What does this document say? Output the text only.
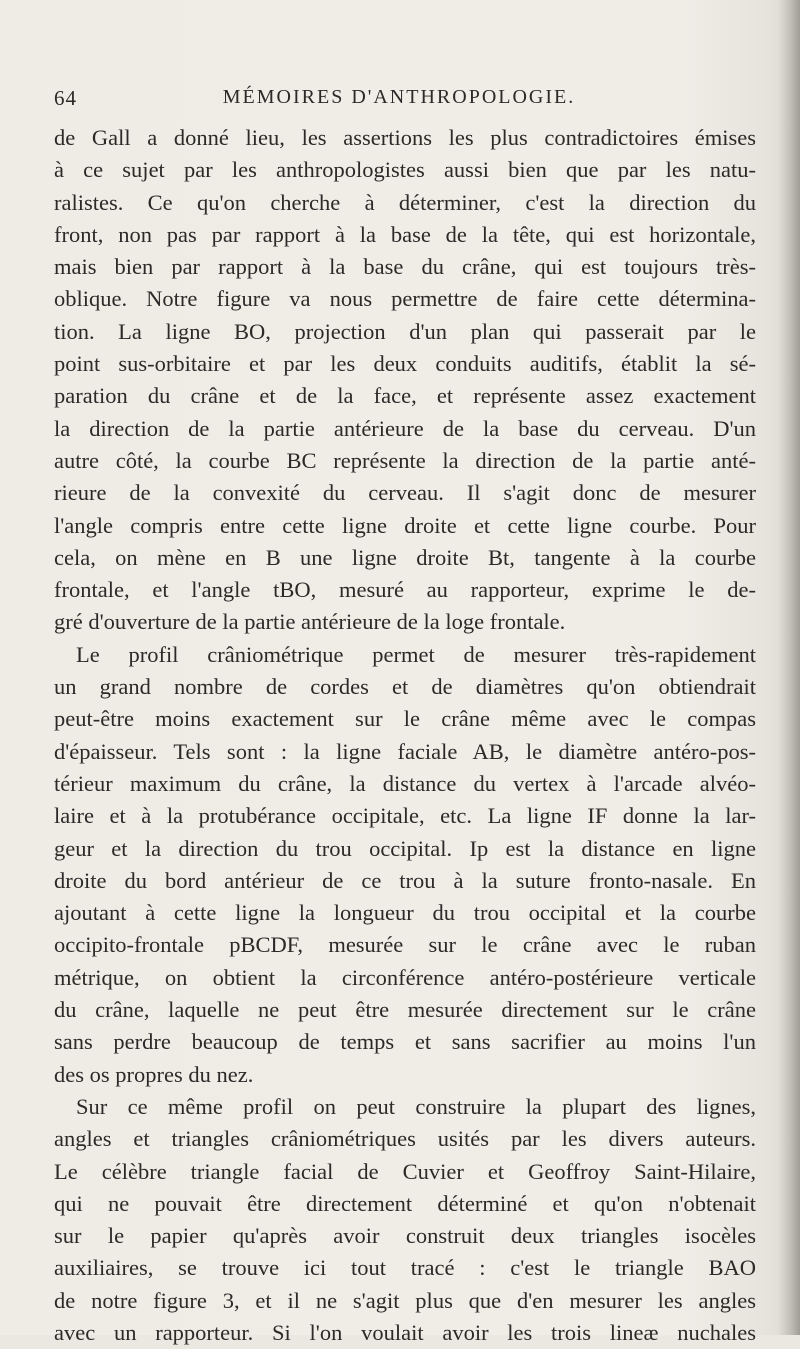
64	MÉMOIRES D'ANTHROPOLOGIE.
de Gall a donné lieu, les assertions les plus contradictoires émises
à ce sujet par les anthropologistes aussi bien que par les natu-
ralistes. Ce qu'on cherche à déterminer, c'est la direction du
front, non pas par rapport à la base de la tête, qui est horizontale,
mais bien par rapport à la base du crâne, qui est toujours très-
oblique. Notre figure va nous permettre de faire cette détermina-
tion. La ligne BO, projection d'un plan qui passerait par le
point sus-orbitaire et par les deux conduits auditifs, établit la sé-
paration du crâne et de la face, et représente assez exactement
la direction de la partie antérieure de la base du cerveau. D'un
autre côté, la courbe BC représente la direction de la partie anté-
rieure de la convexité du cerveau. Il s'agit donc de mesurer
l'angle compris entre cette ligne droite et cette ligne courbe. Pour
cela, on mène en B une ligne droite Bt, tangente à la courbe
frontale, et l'angle tBO, mesuré au rapporteur, exprime le de-
gré d'ouverture de la partie antérieure de la loge frontale.
Le profil crâniométrique permet de mesurer très-rapidement
un grand nombre de cordes et de diamètres qu'on obtiendrait
peut-être moins exactement sur le crâne même avec le compas
d'épaisseur. Tels sont : la ligne faciale AB, le diamètre antéro-pos-
térieur maximum du crâne, la distance du vertex à l'arcade alvéo-
laire et à la protubérance occipitale, etc. La ligne IF donne la lar-
geur et la direction du trou occipital. Ip est la distance en ligne
droite du bord antérieur de ce trou à la suture fronto-nasale. En
ajoutant à cette ligne la longueur du trou occipital et la courbe
occipito-frontale pBCDF, mesurée sur le crâne avec le ruban
métrique, on obtient la circonférence antéro-postérieure verticale
du crâne, laquelle ne peut être mesurée directement sur le crâne
sans perdre beaucoup de temps et sans sacrifier au moins l'un
des os propres du nez.
Sur ce même profil on peut construire la plupart des lignes,
angles et triangles crâniométriques usités par les divers auteurs.
Le célèbre triangle facial de Cuvier et Geoffroy Saint-Hilaire,
qui ne pouvait être directement déterminé et qu'on n'obtenait
sur le papier qu'après avoir construit deux triangles isocèles
auxiliaires, se trouve ici tout tracé : c'est le triangle BAO
de notre figure 3, et il ne s'agit plus que d'en mesurer les angles
avec un rapporteur. Si l'on voulait avoir les trois lineæ nuchales
